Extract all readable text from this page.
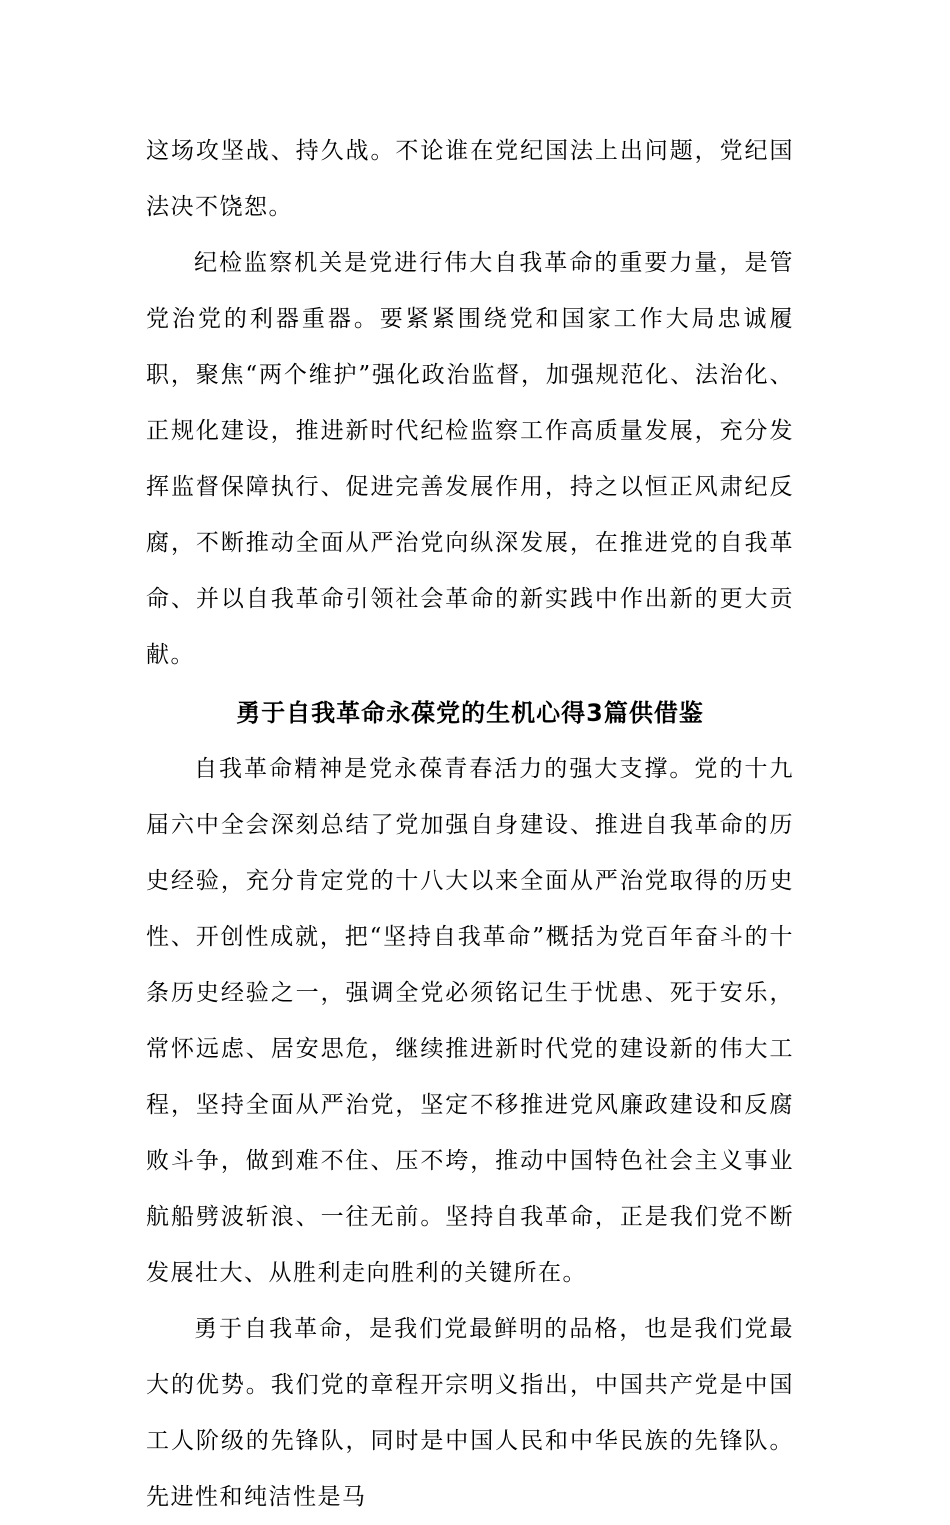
这场攻坚战、持久战。不论谁在党纪国法上出问题，党纪国法决不饶恕。

纪检监察机关是党进行伟大自我革命的重要力量，是管党治党的利器重器。要紧紧围绕党和国家工作大局忠诚履职，聚焦“两个维护”强化政治监督，加强规范化、法治化、正规化建设，推进新时代纪检监察工作高质量发展，充分发挥监督保障执行、促进完善发展作用，持之以恒正风肃纪反腐，不断推动全面从严治党向纵深发展，在推进党的自我革命、并以自我革命引领社会革命的新实践中作出新的更大贡献。

勇于自我革命永葆党的生机心得3篇供借鉴

自我革命精神是党永葆青春活力的强大支撑。党的十九届六中全会深刻总结了党加强自身建设、推进自我革命的历史经验，充分肯定党的十八大以来全面从严治党取得的历史性、开创性成就，把“坚持自我革命”概括为党百年奋斗的十条历史经验之一，强调全党必须铭记生于忧患、死于安乐，常怀远虑、居安思危，继续推进新时代党的建设新的伟大工程，坚持全面从严治党，坚定不移推进党风廉政建设和反腐败斗争，做到难不住、压不垮，推动中国特色社会主义事业航船劈波斩浪、一往无前。坚持自我革命，正是我们党不断发展壮大、从胜利走向胜利的关键所在。

勇于自我革命，是我们党最鲜明的品格，也是我们党最大的优势。我们党的章程开宗明义指出，中国共产党是中国工人阶级的先锋队，同时是中国人民和中华民族的先锋队。先进性和纯洁性是马
